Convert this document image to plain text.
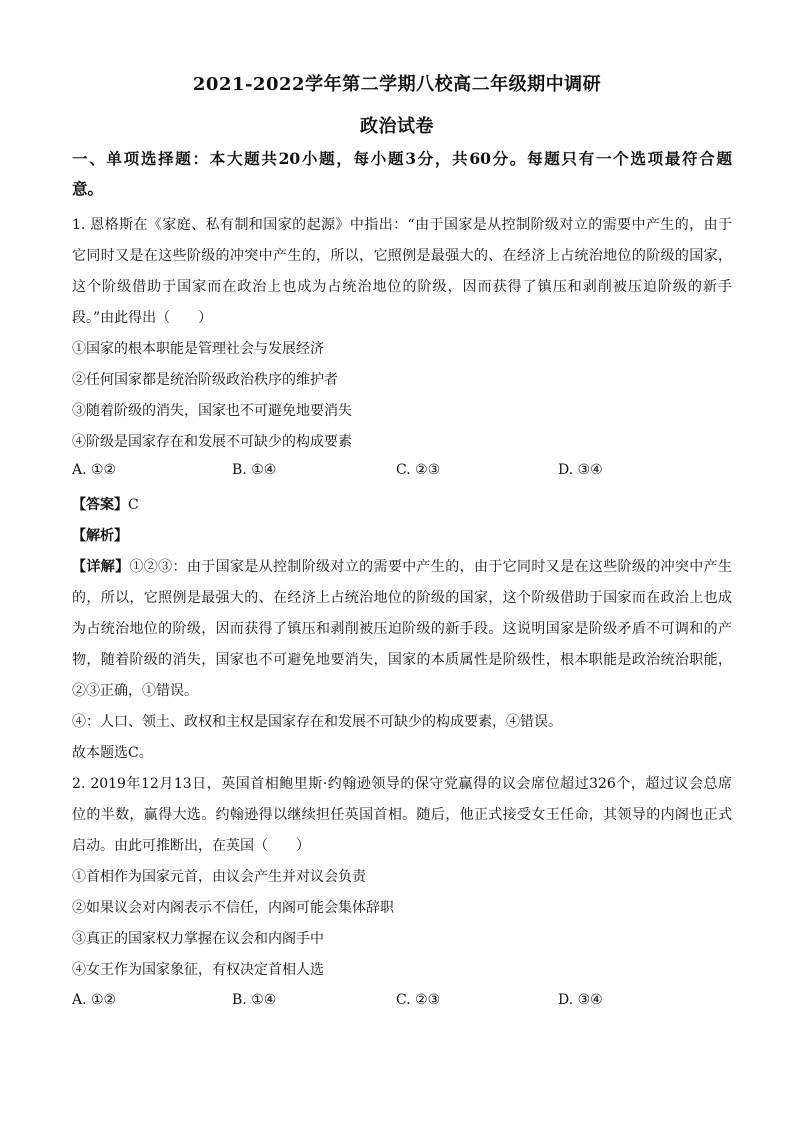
2021-2022学年第二学期八校高二年级期中调研
政治试卷
一、单项选择题：本大题共20小题，每小题3分，共60分。每题只有一个选项最符合题
意。
1. 恩格斯在《家庭、私有制和国家的起源》中指出：“由于国家是从控制阶级对立的需要中产生的，由于
它同时又是在这些阶级的冲突中产生的，所以，它照例是最强大的、在经济上占统治地位的阶级的国家，
这个阶级借助于国家而在政治上也成为占统治地位的阶级，因而获得了镇压和剥削被压迫阶级的新手
段。”由此得出（　　）
①国家的根本职能是管理社会与发展经济
②任何国家都是统治阶级政治秩序的维护者
③随着阶级的消失，国家也不可避免地要消失
④阶级是国家存在和发展不可缺少的构成要素
A. ①②	B. ①④	C. ②③	D. ③④
【答案】C
【解析】
【详解】①②③：由于国家是从控制阶级对立的需要中产生的，由于它同时又是在这些阶级的冲突中产生
的，所以，它照例是最强大的、在经济上占统治地位的阶级的国家，这个阶级借助于国家而在政治上也成
为占统治地位的阶级，因而获得了镇压和剥削被压迫阶级的新手段。这说明国家是阶级矛盾不可调和的产
物，随着阶级的消失，国家也不可避免地要消失，国家的本质属性是阶级性，根本职能是政治统治职能，
②③正确，①错误。
④：人口、领土、政权和主权是国家存在和发展不可缺少的构成要素，④错误。
故本题选C。
2. 2019年12月13日，英国首相鲍里斯·约翰逊领导的保守党赢得的议会席位超过326个，超过议会总席
位的半数，赢得大选。约翰逊得以继续担任英国首相。随后，他正式接受女王任命，其领导的内阁也正式
启动。由此可推断出，在英国（　　）
①首相作为国家元首，由议会产生并对议会负责
②如果议会对内阁表示不信任，内阁可能会集体辞职
③真正的国家权力掌握在议会和内阁手中
④女王作为国家象征，有权决定首相人选
A. ①②	B. ①④	C. ②③	D. ③④
